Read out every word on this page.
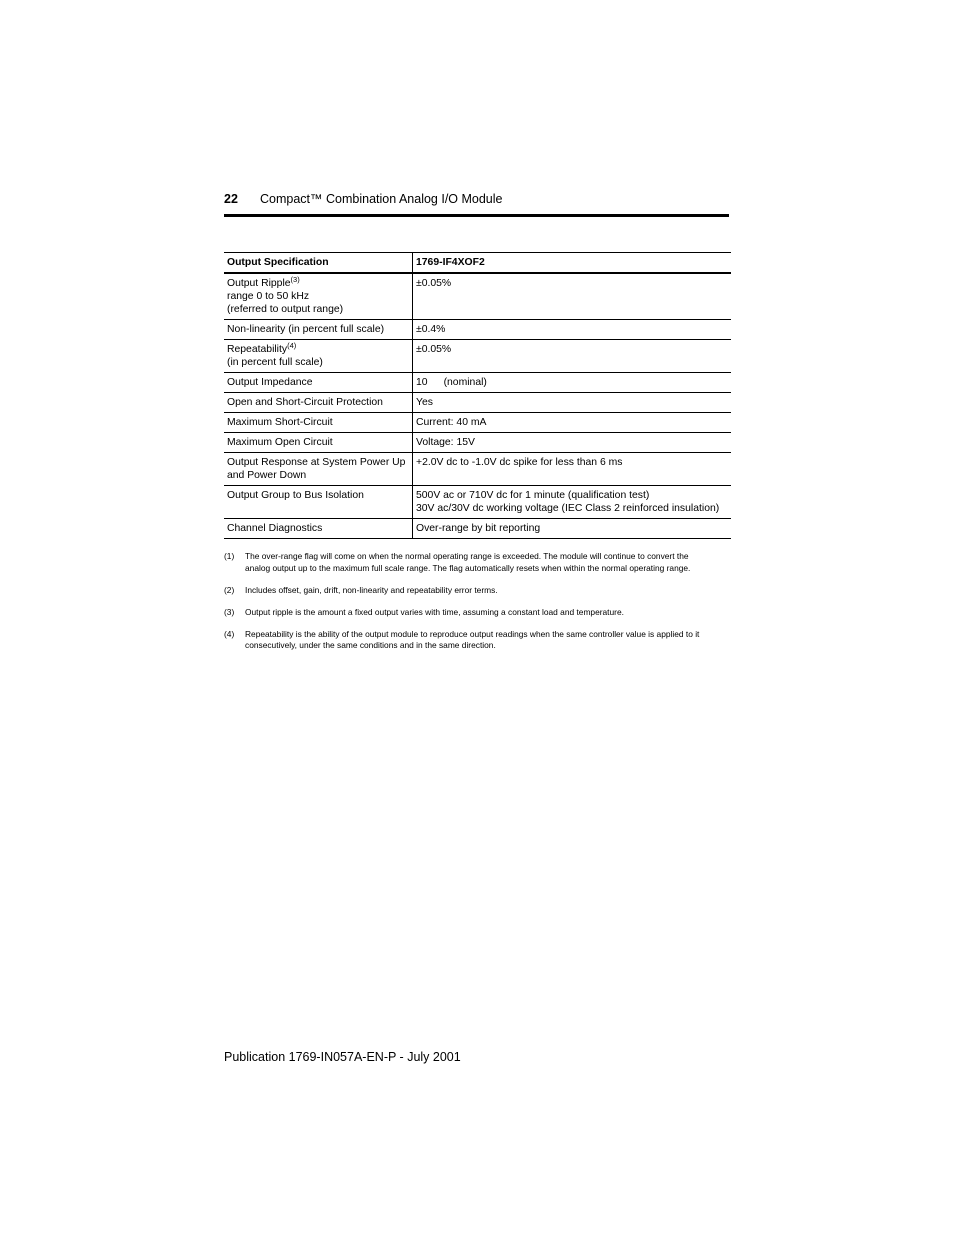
22 Compact™ Combination Analog I/O Module
Output Specification	1769-IF4XOF2
Output Ripple$^{(3)}$
range 0 to 50 kHz
(referred to output range)	±0.05%
Non-linearity (in percent full scale)	±0.4%
Repeatability$^{(4)}$
(in percent full scale)	±0.05%
Output Impedance	10 (nominal)
Open and Short-Circuit Protection	Yes
Maximum Short-Circuit	Current: 40 mA
Maximum Open Circuit	Voltage: 15V
Output Response at System Power Up
and Power Down	+2.0V dc to -1.0V dc spike for less than 6 ms
Output Group to Bus Isolation	500V ac or 710V dc for 1 minute (qualification test)
30V ac/30V dc working voltage (IEC Class 2 reinforced insulation)
Channel Diagnostics	Over-range by bit reporting
(1)	The over-range flag will come on when the normal operating range is exceeded. The module will continue to convert the
analog output up to the maximum full scale range. The flag automatically resets when within the normal operating range.
(2)	Includes offset, gain, drift, non-linearity and repeatability error terms.
(3)	Output ripple is the amount a fixed output varies with time, assuming a constant load and temperature.
(4)	Repeatability is the ability of the output module to reproduce output readings when the same controller value is applied to it
consecutively, under the same conditions and in the same direction.
Publication 1769-IN057A-EN-P - July 2001
